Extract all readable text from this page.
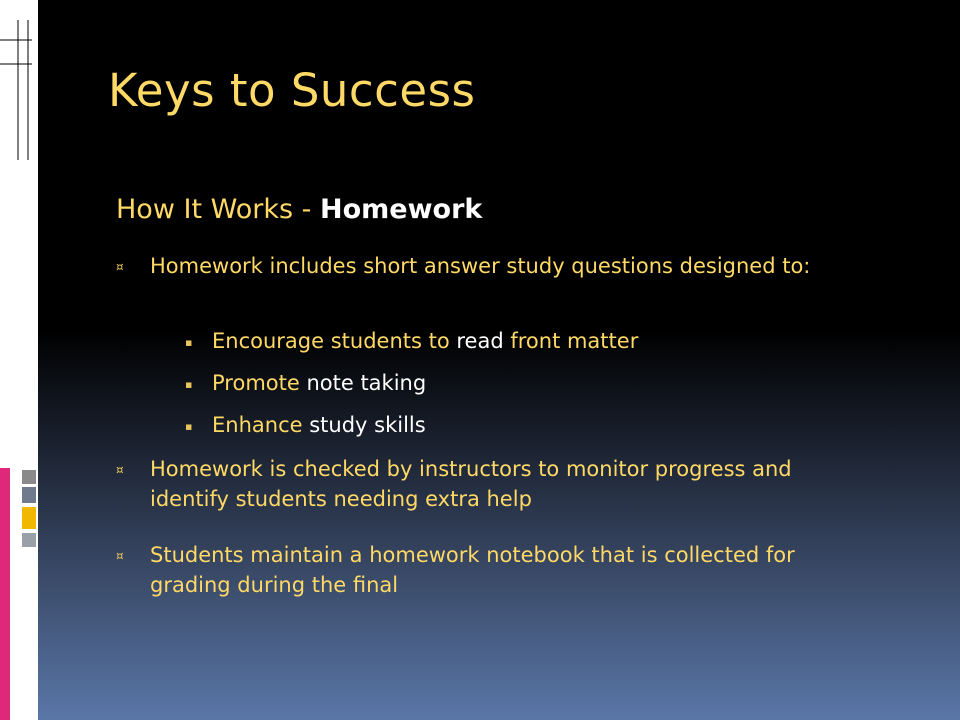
Keys to Success
How It Works - Homework
¤ Homework includes short answer study questions designed to:
▪ Encourage students to read front matter
▪ Promote note taking
▪ Enhance study skills
¤ Homework is checked by instructors to monitor progress and identify students needing extra help
¤ Students maintain a homework notebook that is collected for grading during the final
